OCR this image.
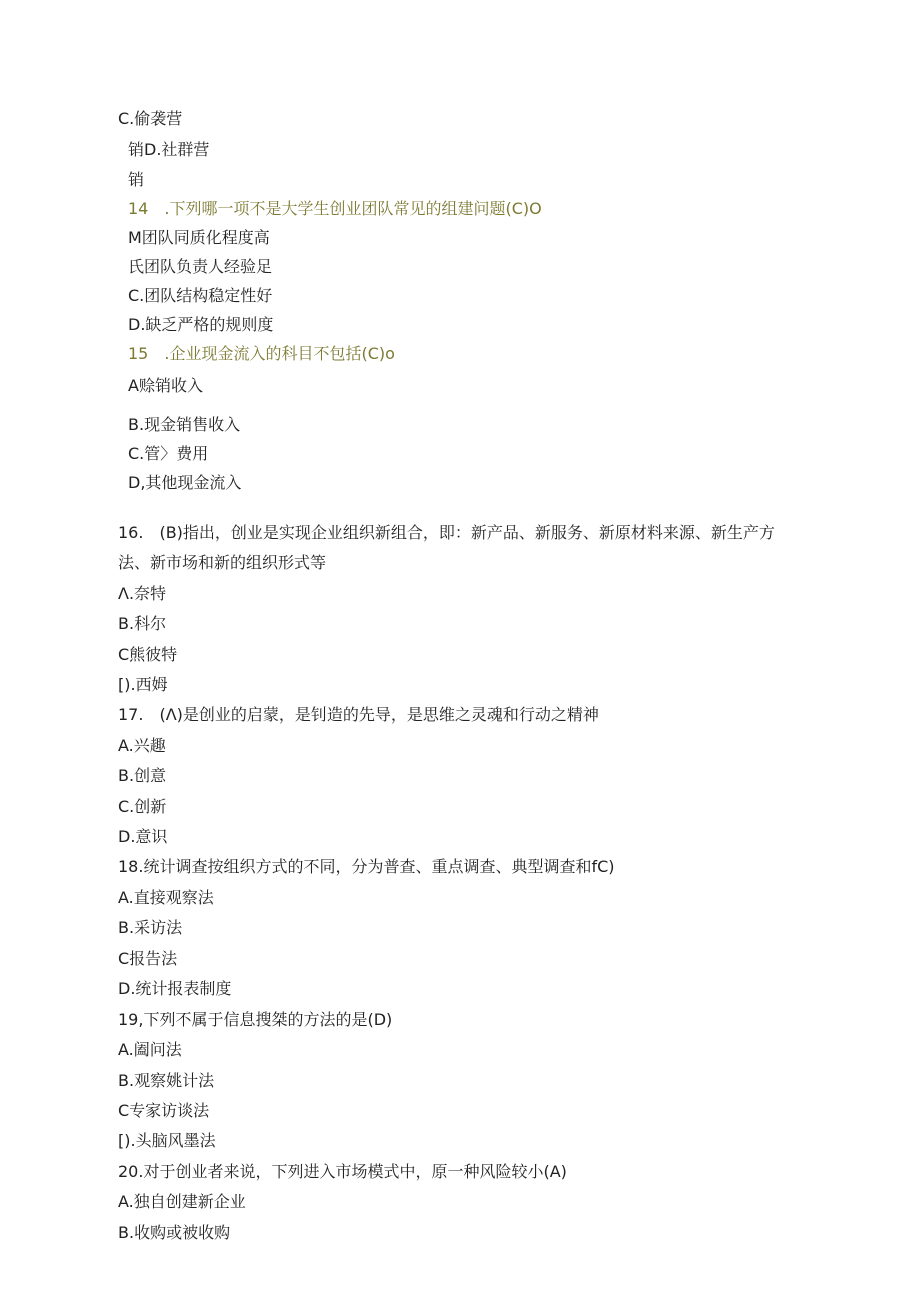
C.偷袭营
销D.社群营
销
14　.下列哪一项不是大学生创业团队常见的组建问题(C)O
M团队同质化程度高
氏团队负责人经验足
C.团队结构稳定性好
D.缺乏严格的规则度
15　.企业现金流入的科目不包括(C)o
A赊销收入
B.现金销售收入
C.管〉费用
D,其他现金流入
16.　(B)指出，创业是实现企业组织新组合，即：新产品、新服务、新原材料来源、新生产方
法、新市场和新的组织形式等
Λ.奈特
B.科尔
C熊彼特
[).西姆
17.　(Λ)是创业的启蒙，是钊造的先导，是思维之灵魂和行动之精神
A.兴趣
B.创意
C.创新
D.意识
18.统计调查按组织方式的不同，分为普查、重点调查、典型调查和fC)
A.直接观察法
B.采访法
C报告法
D.统计报表制度
19,下列不属于信息搜桀的方法的是(D)
A.阖问法
B.观察姚计法
C专家访谈法
[).头脑风墨法
20.对于创业者来说，下列进入市场模式中，原一种风险较小(A)
A.独自创建新企业
B.收购或被收购
